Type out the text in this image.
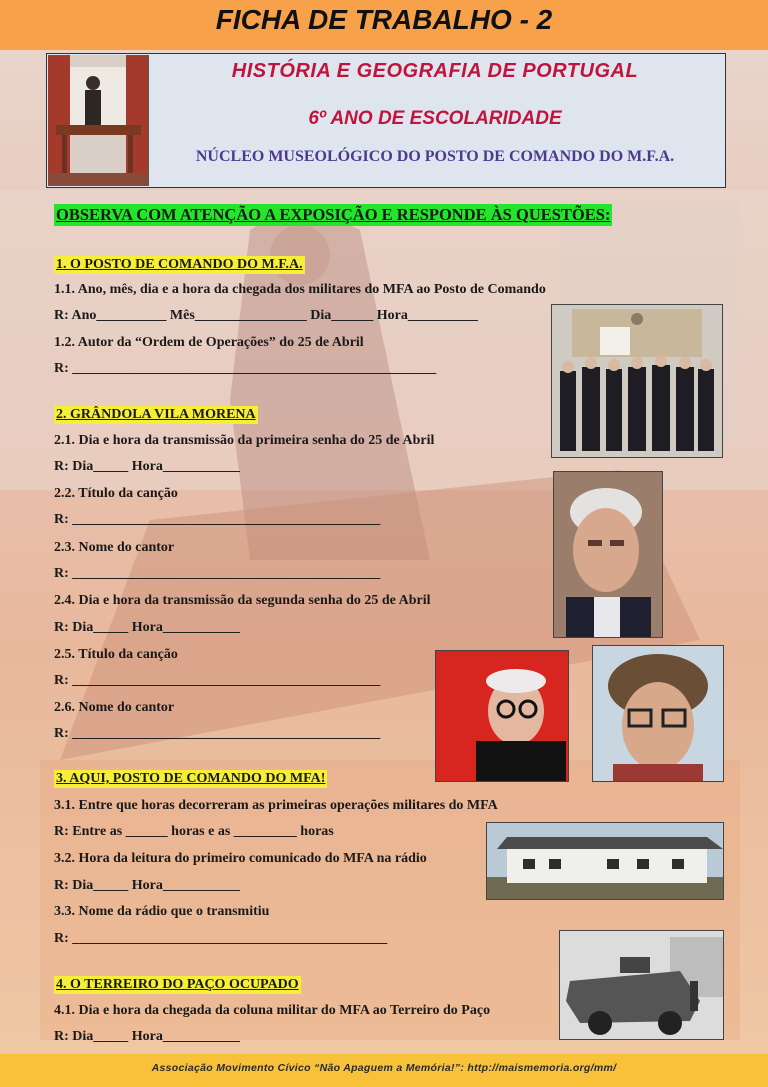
FICHA DE TRABALHO - 2
HISTÓRIA E GEOGRAFIA DE PORTUGAL
6º ANO DE ESCOLARIDADE
NÚCLEO MUSEOLÓGICO DO POSTO DE COMANDO DO M.F.A.
OBSERVA COM ATENÇÃO A EXPOSIÇÃO E RESPONDE ÀS QUESTÕES:
1. O POSTO DE COMANDO DO M.F.A.
1.1. Ano, mês, dia e a hora da chegada dos militares do MFA ao Posto de Comando
R: Ano__________ Mês________________ Dia______ Hora__________
1.2. Autor da “Ordem de Operações” do 25 de Abril
R: ____________________________________________________
2. GRÂNDOLA VILA MORENA
2.1. Dia e hora da transmissão da primeira senha do 25 de Abril
R: Dia_____ Hora___________
2.2. Título da canção
R: ____________________________________________
2.3. Nome do cantor
R: ____________________________________________
2.4. Dia e hora da transmissão da segunda senha do 25 de Abril
R: Dia_____ Hora___________
2.5. Título da canção
R: ____________________________________________
2.6. Nome do cantor
R: ____________________________________________
3. AQUI, POSTO DE COMANDO DO MFA!
3.1. Entre que horas decorreram as primeiras operações militares do MFA
R: Entre as ______ horas e as _________ horas
3.2. Hora da leitura do primeiro comunicado do MFA na rádio
R: Dia_____ Hora___________
3.3. Nome da rádio que o transmitiu
R: _____________________________________________
4. O TERREIRO DO PAÇO OCUPADO
4.1. Dia e hora da chegada da coluna militar do MFA ao Terreiro do Paço
R: Dia_____ Hora___________
Associação Movimento Cívico “Não Apaguem a Memória!”: http://maismemoria.org/mm/
